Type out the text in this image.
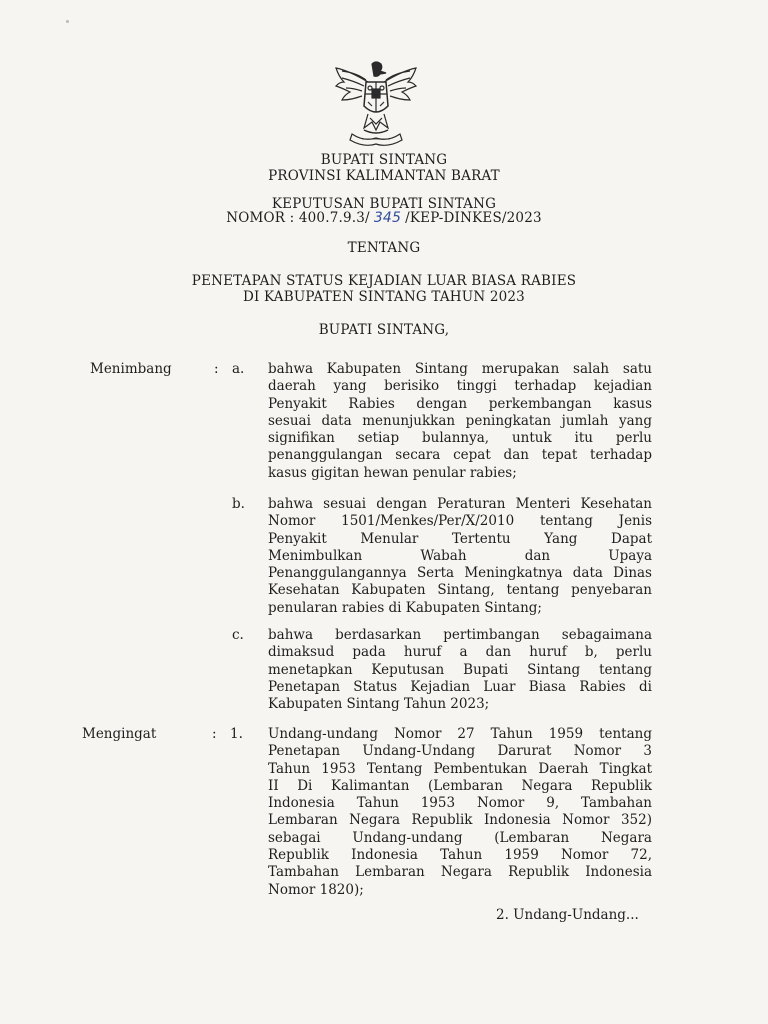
BUPATI SINTANG
PROVINSI KALIMANTAN BARAT
KEPUTUSAN BUPATI SINTANG
NOMOR : 400.7.9.3/ 345 /KEP-DINKES/2023
TENTANG
PENETAPAN STATUS KEJADIAN LUAR BIASA RABIES
DI KABUPATEN SINTANG TAHUN 2023
BUPATI SINTANG,
Menimbang	: a. bahwa Kabupaten Sintang merupakan salah satu
daerah yang berisiko tinggi terhadap kejadian
Penyakit Rabies dengan perkembangan kasus
sesuai data menunjukkan peningkatan jumlah yang
signifikan setiap bulannya, untuk itu perlu
penanggulangan secara cepat dan tepat terhadap
kasus gigitan hewan penular rabies;
b. bahwa sesuai dengan Peraturan Menteri Kesehatan
Nomor 1501/Menkes/Per/X/2010 tentang Jenis
Penyakit Menular Tertentu Yang Dapat
Menimbulkan Wabah dan Upaya
Penanggulangannya Serta Meningkatnya data Dinas
Kesehatan Kabupaten Sintang, tentang penyebaran
penularan rabies di Kabupaten Sintang;
c. bahwa berdasarkan pertimbangan sebagaimana
dimaksud pada huruf a dan huruf b, perlu
menetapkan Keputusan Bupati Sintang tentang
Penetapan Status Kejadian Luar Biasa Rabies di
Kabupaten Sintang Tahun 2023;
Mengingat	: 1. Undang-undang Nomor 27 Tahun 1959 tentang
Penetapan Undang-Undang Darurat Nomor 3
Tahun 1953 Tentang Pembentukan Daerah Tingkat
II Di Kalimantan (Lembaran Negara Republik
Indonesia Tahun 1953 Nomor 9, Tambahan
Lembaran Negara Republik Indonesia Nomor 352)
sebagai Undang-undang (Lembaran Negara
Republik Indonesia Tahun 1959 Nomor 72,
Tambahan Lembaran Negara Republik Indonesia
Nomor 1820);
2. Undang-Undang...
